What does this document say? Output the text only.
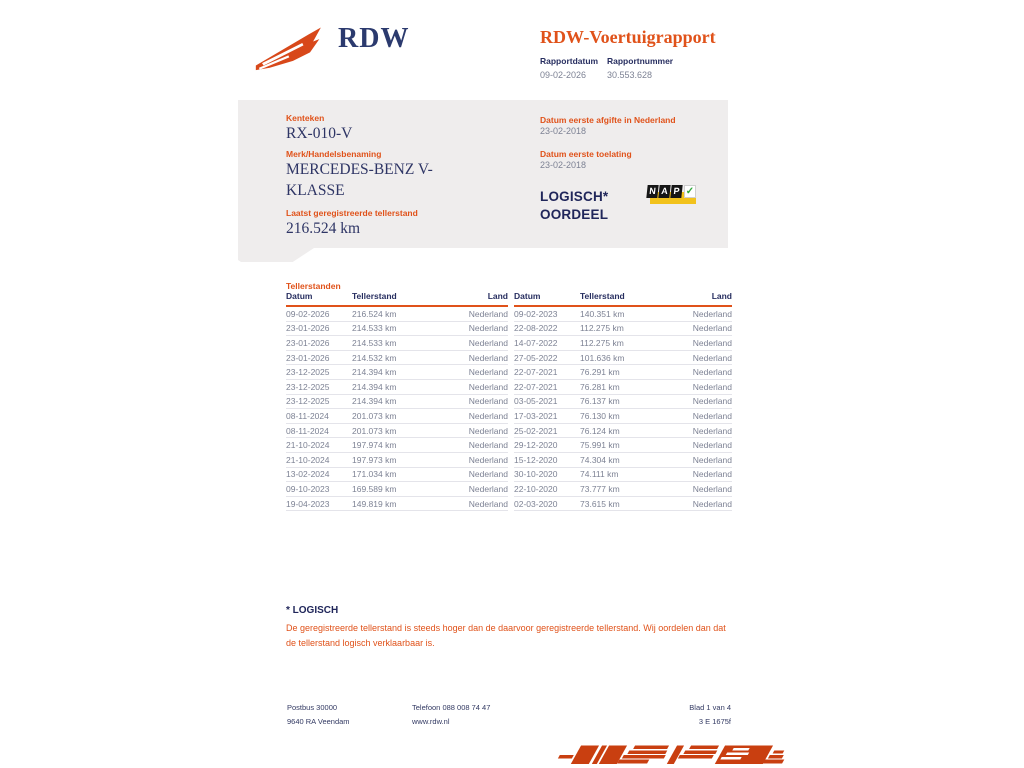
RDW	RDW-Voertuigrapport
Rapportdatum
09-02-2026
Rapportnummer
30.553.628
Kenteken
RX-010-V
Merk/Handelsbenaming
MERCEDES-BENZ V-KLASSE
Laatst geregistreerde tellerstand
216.524 km
Datum eerste afgifte in Nederland
23-02-2018
Datum eerste toelating
23-02-2018
LOGISCH*
OORDEEL
N A P ✓
Tellerstanden
Datum	Tellerstand	Land
09-02-2026	216.524 km	Nederland
23-01-2026	214.533 km	Nederland
23-01-2026	214.533 km	Nederland
23-01-2026	214.532 km	Nederland
23-12-2025	214.394 km	Nederland
23-12-2025	214.394 km	Nederland
23-12-2025	214.394 km	Nederland
08-11-2024	201.073 km	Nederland
08-11-2024	201.073 km	Nederland
21-10-2024	197.974 km	Nederland
21-10-2024	197.973 km	Nederland
13-02-2024	171.034 km	Nederland
09-10-2023	169.589 km	Nederland
19-04-2023	149.819 km	Nederland
Datum	Tellerstand	Land
09-02-2023	140.351 km	Nederland
22-08-2022	112.275 km	Nederland
14-07-2022	112.275 km	Nederland
27-05-2022	101.636 km	Nederland
22-07-2021	76.291 km	Nederland
22-07-2021	76.281 km	Nederland
03-05-2021	76.137 km	Nederland
17-03-2021	76.130 km	Nederland
25-02-2021	76.124 km	Nederland
29-12-2020	75.991 km	Nederland
15-12-2020	74.304 km	Nederland
30-10-2020	74.111 km	Nederland
22-10-2020	73.777 km	Nederland
02-03-2020	73.615 km	Nederland
* LOGISCH
De geregistreerde tellerstand is steeds hoger dan de daarvoor geregistreerde tellerstand. Wij oordelen dan dat de tellerstand logisch verklaarbaar is.
Postbus 30000
9640 RA Veendam
Telefoon 088 008 74 47
www.rdw.nl
Blad 1 van 4
3 E 1675f
